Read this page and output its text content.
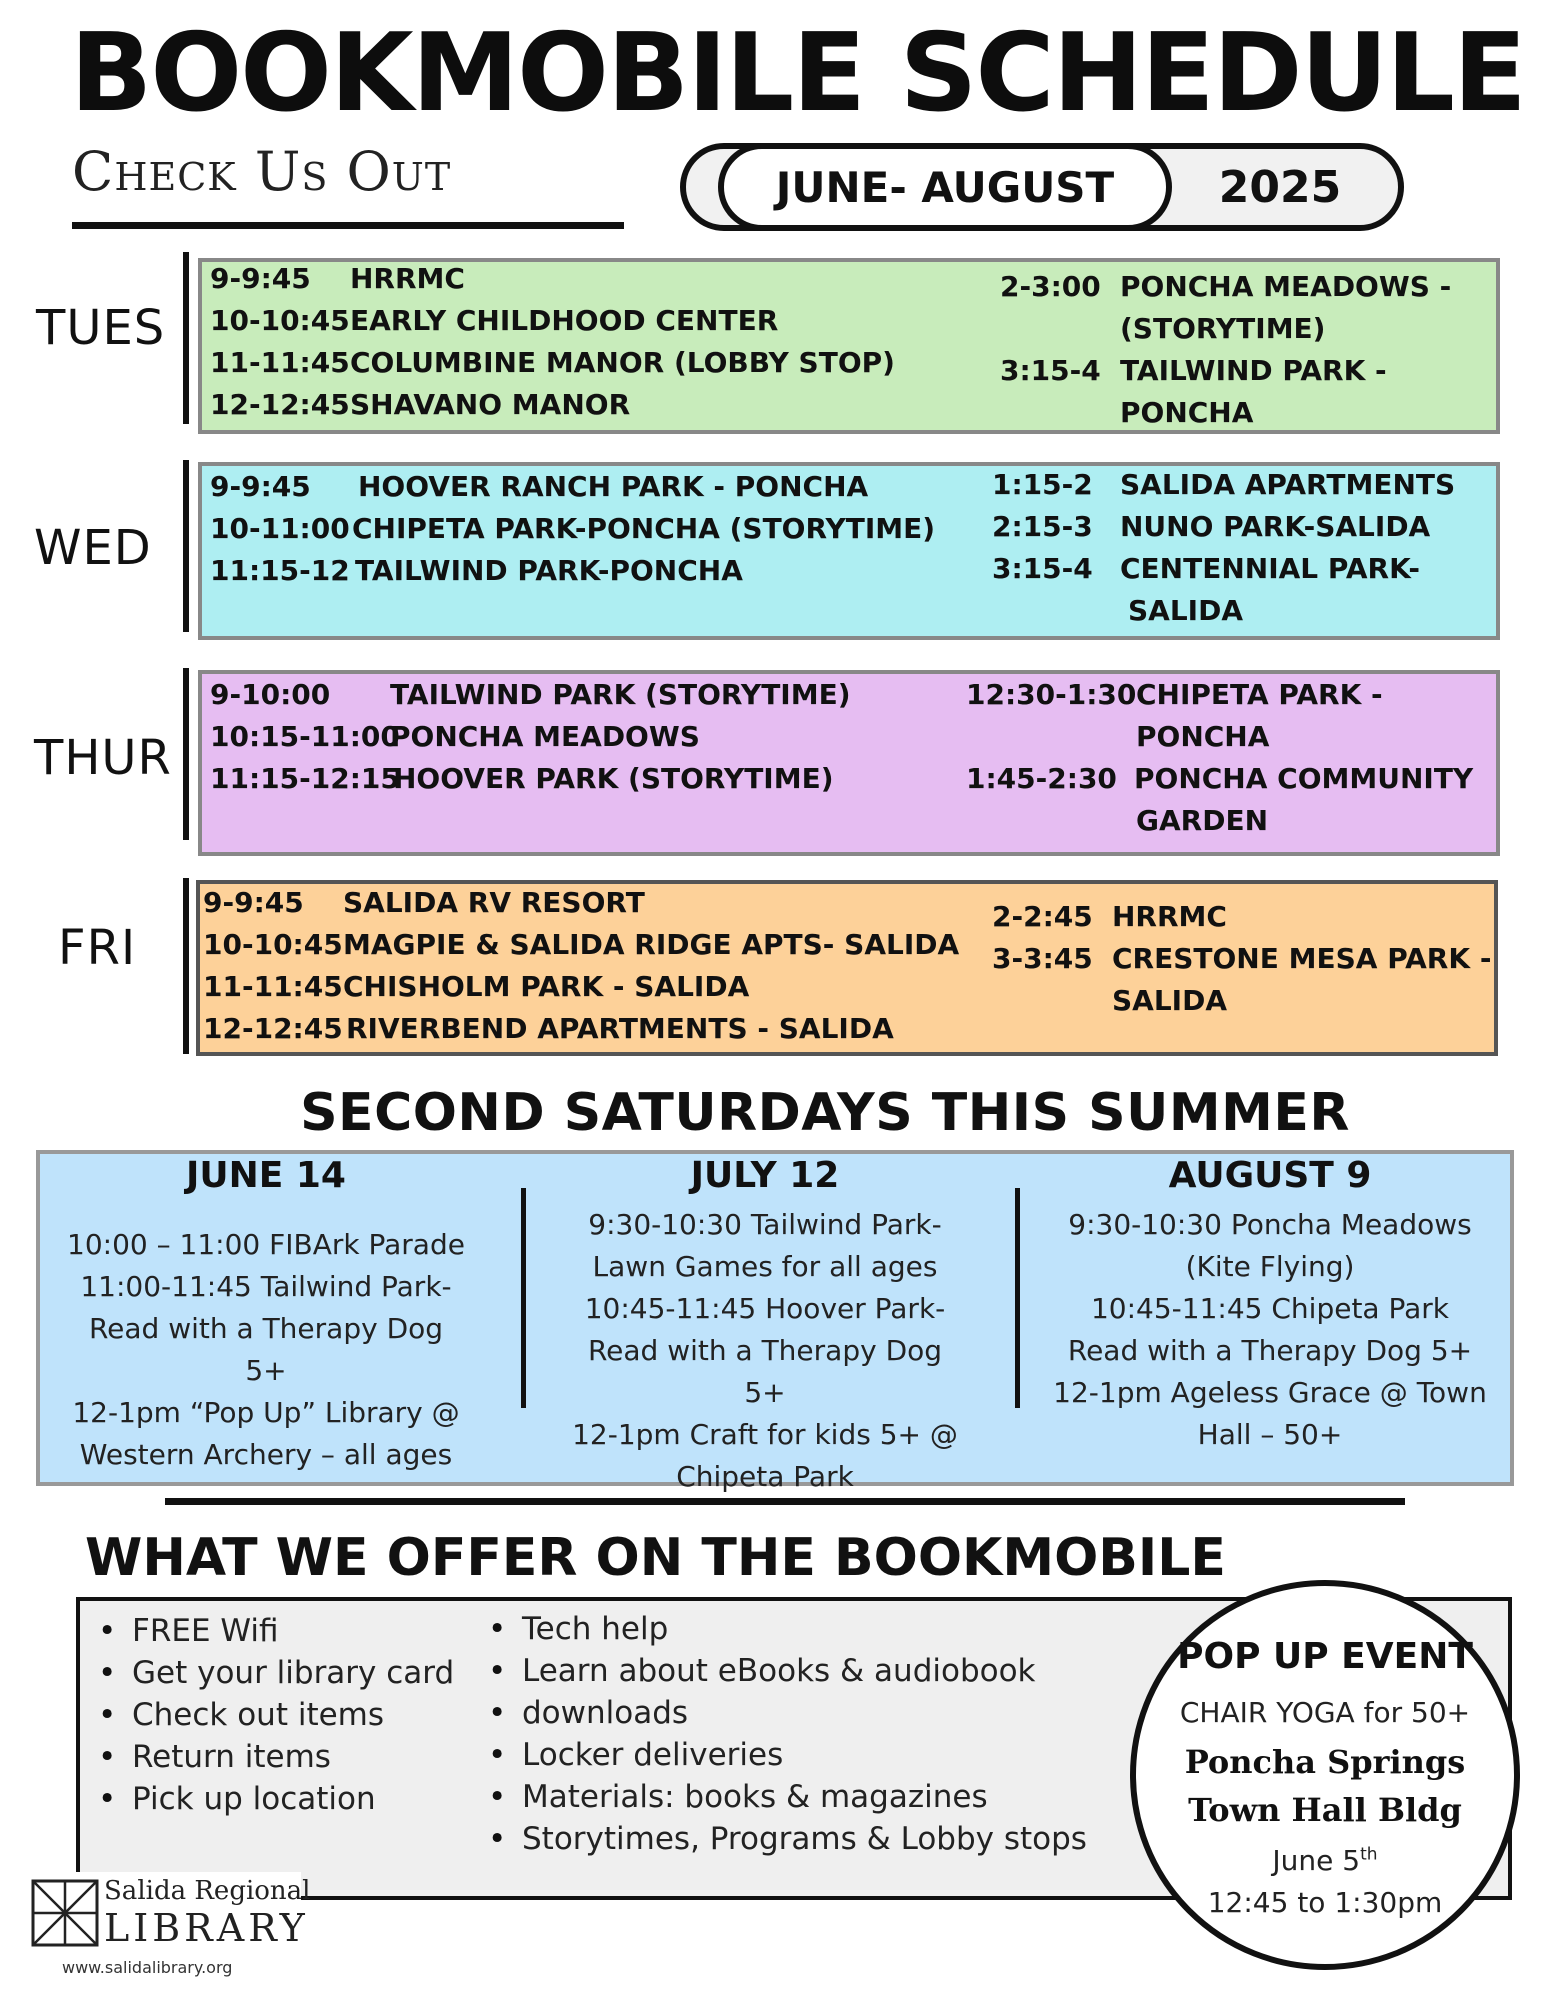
BOOKMOBILE SCHEDULE
Check Us Out	JUNE- AUGUST	2025
TUES
9-9:45 HRRMC
10-10:45EARLY CHILDHOOD CENTER
11-11:45COLUMBINE MANOR (LOBBY STOP)
12-12:45SHAVANO MANOR
2-3:00 PONCHA MEADOWS -
(STORYTIME)
3:15-4 TAILWIND PARK -
PONCHA
WED
9-9:45 HOOVER RANCH PARK - PONCHA
10-11:00CHIPETA PARK-PONCHA (STORYTIME)
11:15-12 TAILWIND PARK-PONCHA
1:15-2 SALIDA APARTMENTS
2:15-3 NUNO PARK-SALIDA
3:15-4 CENTENNIAL PARK-
SALIDA
THUR
9-10:00 TAILWIND PARK (STORYTIME)
10:15-11:00PONCHA MEADOWS
11:15-12:15HOOVER PARK (STORYTIME)
12:30-1:30CHIPETA PARK -
PONCHA
1:45-2:30 PONCHA COMMUNITY
GARDEN
FRI
9-9:45 SALIDA RV RESORT
10-10:45MAGPIE & SALIDA RIDGE APTS- SALIDA
11-11:45CHISHOLM PARK - SALIDA
12-12:45 RIVERBEND APARTMENTS - SALIDA
2-2:45 HRRMC
3-3:45 CRESTONE MESA PARK -
SALIDA
SECOND SATURDAYS THIS SUMMER
JUNE 14
10:00 – 11:00 FIBArk Parade
11:00-11:45 Tailwind Park-
Read with a Therapy Dog 5+
12-1pm “Pop Up” Library @
Western Archery – all ages
JULY 12
9:30-10:30 Tailwind Park-
Lawn Games for all ages
10:45-11:45 Hoover Park-
Read with a Therapy Dog 5+
12-1pm Craft for kids 5+ @
Chipeta Park
AUGUST 9
9:30-10:30 Poncha Meadows
(Kite Flying)
10:45-11:45 Chipeta Park
Read with a Therapy Dog 5+
12-1pm Ageless Grace @ Town
Hall – 50+
WHAT WE OFFER ON THE BOOKMOBILE
• FREE Wifi
• Get your library card
• Check out items
• Return items
• Pick up location
• Tech help
• Learn about eBooks & audiobook
• downloads
• Locker deliveries
• Materials: books & magazines
• Storytimes, Programs & Lobby stops
POP UP EVENT
CHAIR YOGA for 50+
Poncha Springs
Town Hall Bldg
June 5th
12:45 to 1:30pm
Salida Regional
LIBRARY
www.salidalibrary.org
